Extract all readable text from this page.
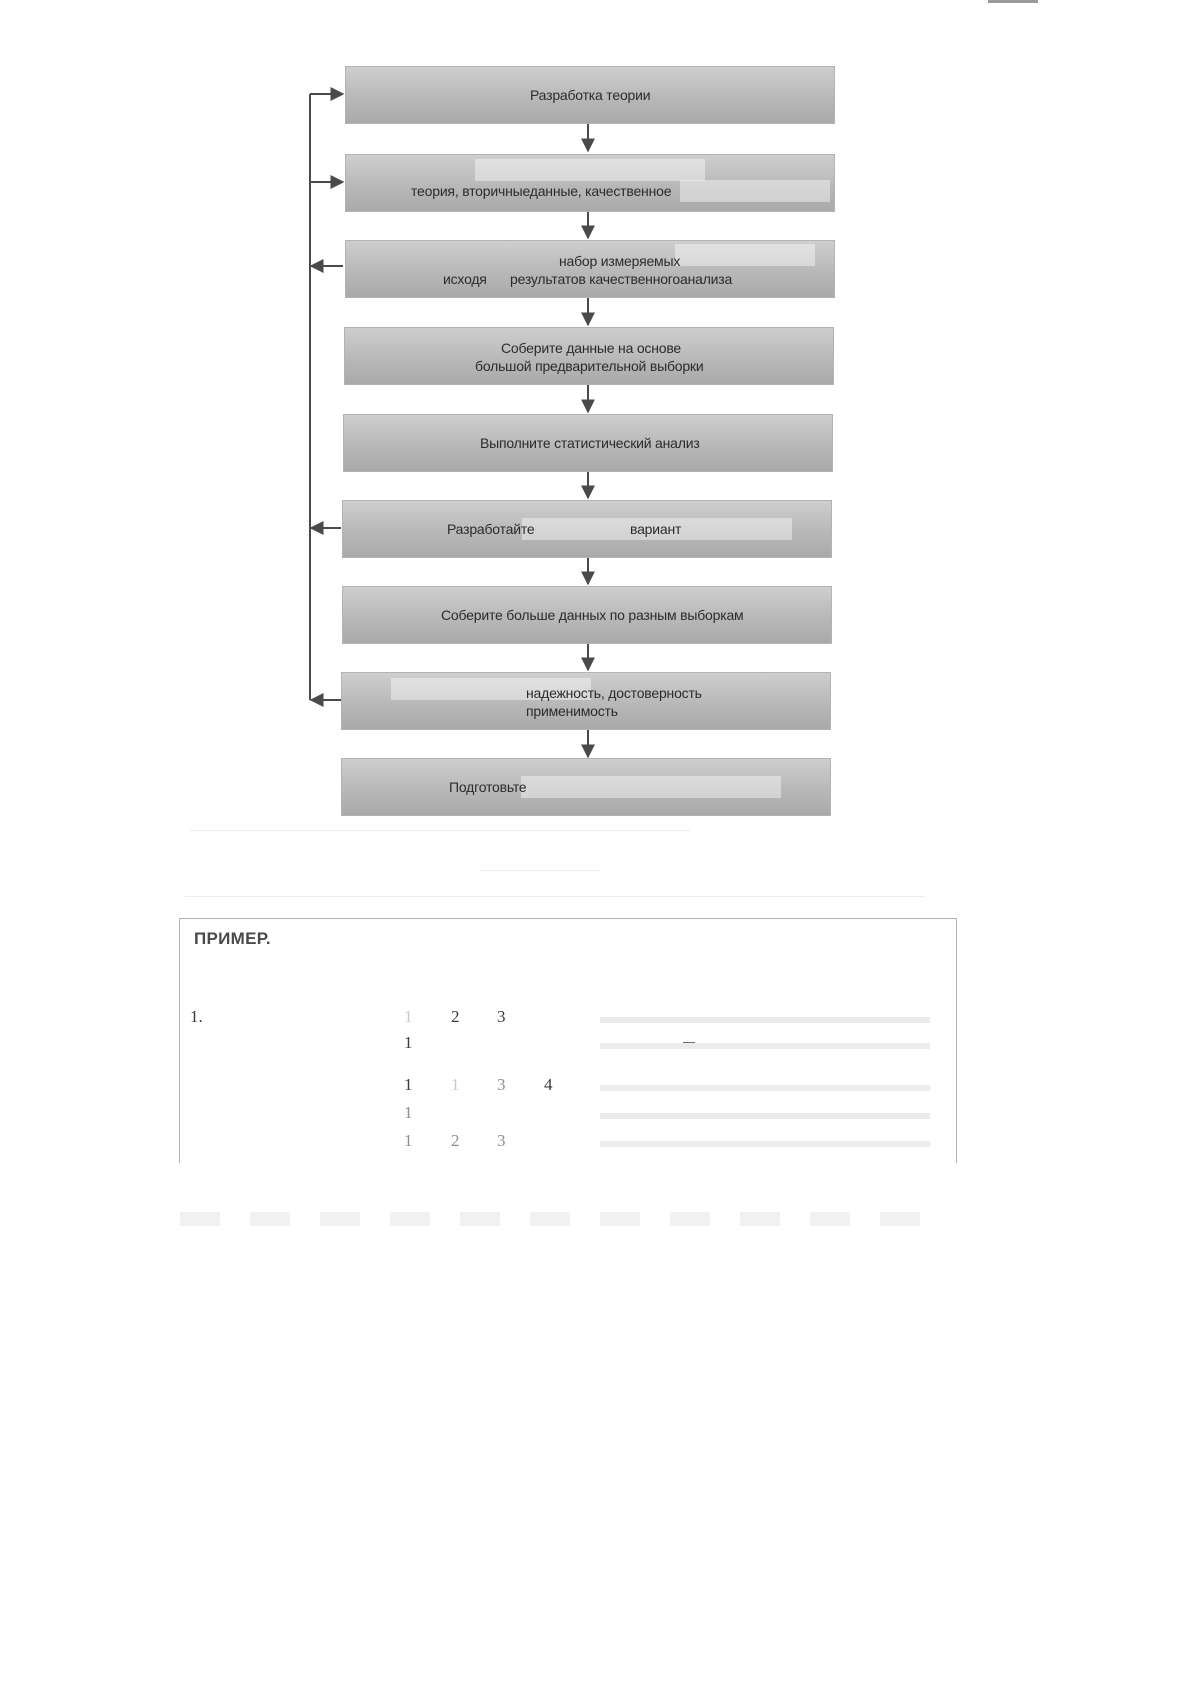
Разработка теории
теория, вторичныеданные, качественное
набор измеряемых
исходя результатов качественногоанализа
Соберите данные на основе
большой предварительной выборки
Выполните статистический анализ
Разработайте	вариант
Соберите больше данных по разным выборкам
надежность, достоверность
применимость
Подготовьте
ПРИМЕР.
1.	1 2 3
1
1 1 3 4
1
1 2 3
